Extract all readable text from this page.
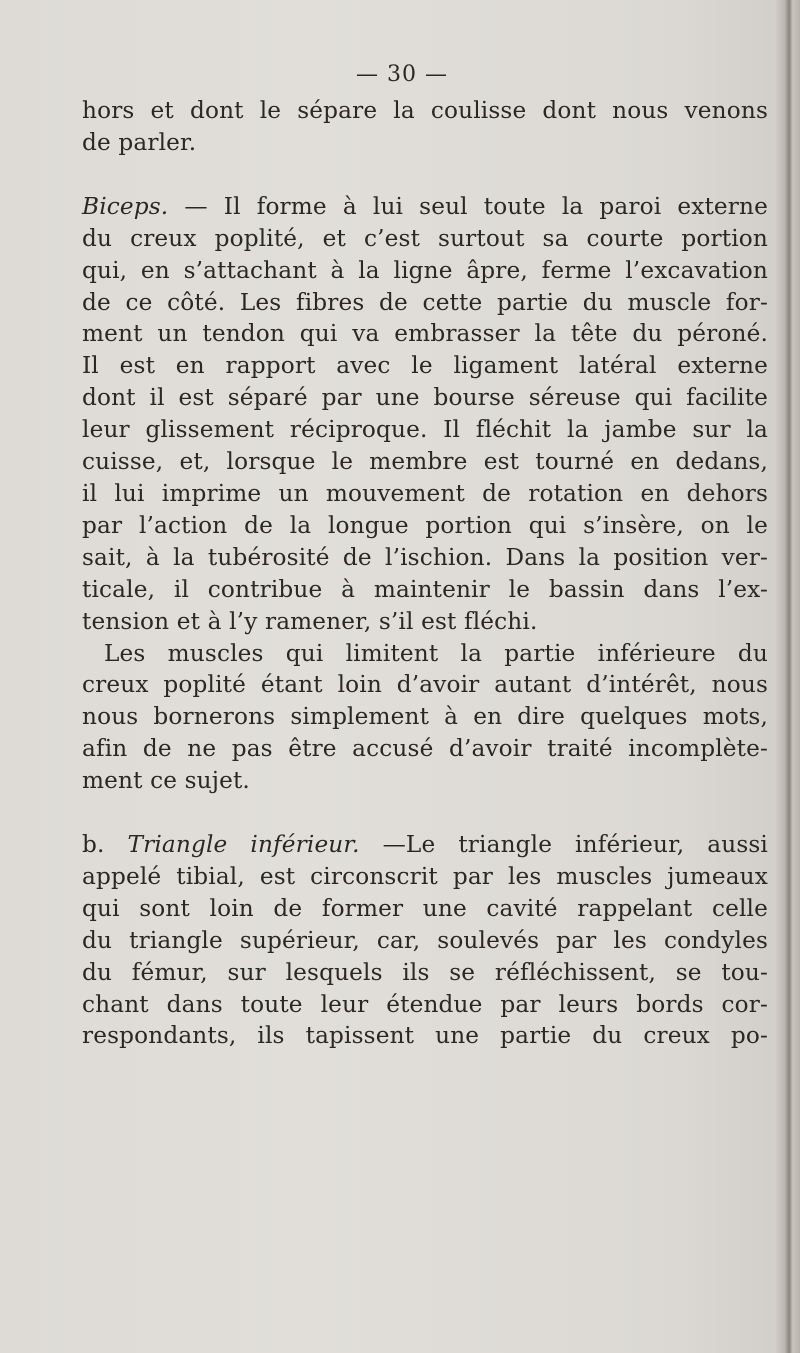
— 30 —

hors et dont le sépare la coulisse dont nous venons

de parler.

Biceps. — Il forme à lui seul toute la paroi externe

du creux poplité, et c’est surtout sa courte portion

qui, en s’attachant à la ligne âpre, ferme l’excavation

de ce côté. Les fibres de cette partie du muscle for-

ment un tendon qui va embrasser la tête du péroné.

Il est en rapport avec le ligament latéral externe

dont il est séparé par une bourse séreuse qui facilite

leur glissement réciproque. Il fléchit la jambe sur la

cuisse, et, lorsque le membre est tourné en dedans,

il lui imprime un mouvement de rotation en dehors

par l’action de la longue portion qui s’insère, on le

sait, à la tubérosité de l’ischion. Dans la position ver-

ticale, il contribue à maintenir le bassin dans l’ex-

tension et à l’y ramener, s’il est fléchi.

Les muscles qui limitent la partie inférieure du

creux poplité étant loin d’avoir autant d’intérêt, nous

nous bornerons simplement à en dire quelques mots,

afin de ne pas être accusé d’avoir traité incomplète-

ment ce sujet.

b. Triangle inférieur. —Le triangle inférieur, aussi

appelé tibial, est circonscrit par les muscles jumeaux

qui sont loin de former une cavité rappelant celle

du triangle supérieur, car, soulevés par les condyles

du fémur, sur lesquels ils se réfléchissent, se tou-

chant dans toute leur étendue par leurs bords cor-

respondants, ils tapissent une partie du creux po-
